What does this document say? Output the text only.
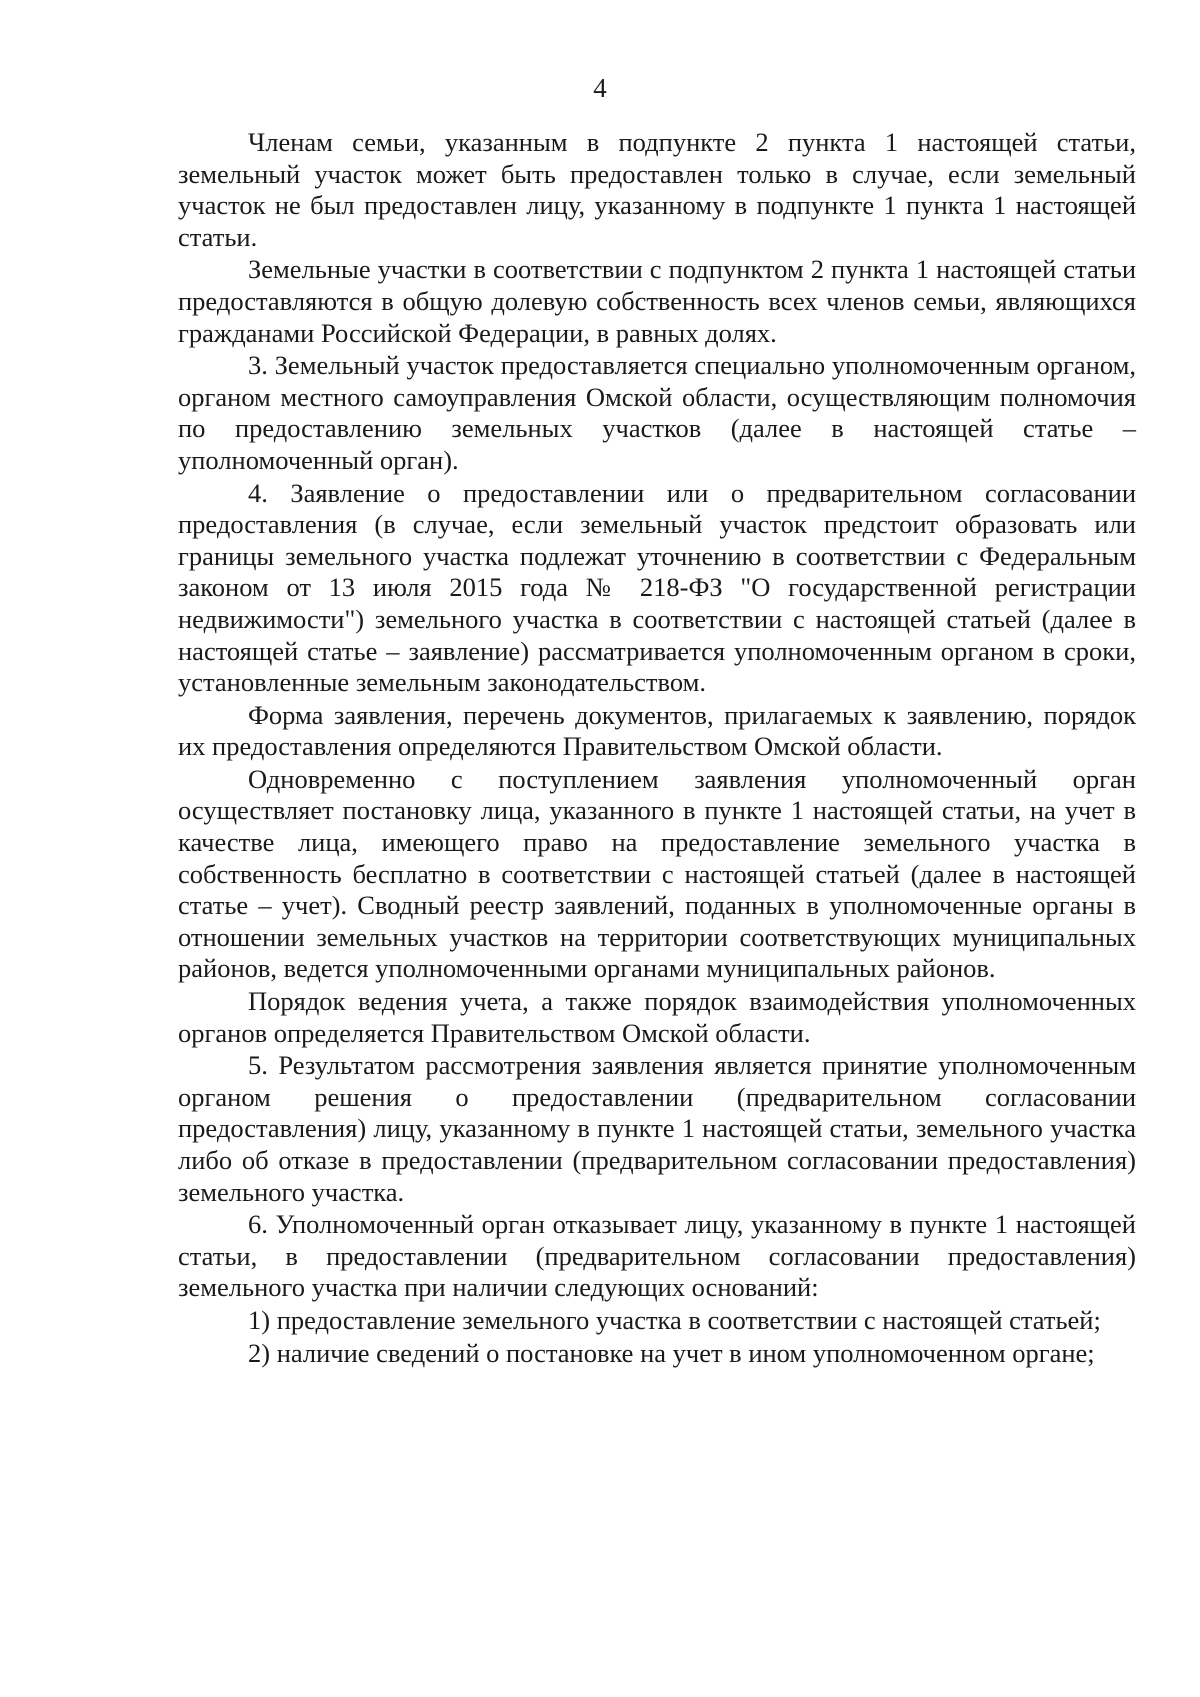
4

Членам семьи, указанным в подпункте 2 пункта 1 настоящей статьи, земельный участок может быть предоставлен только в случае, если земельный участок не был предоставлен лицу, указанному в подпункте 1 пункта 1 настоящей статьи.

Земельные участки в соответствии с подпунктом 2 пункта 1 настоящей статьи предоставляются в общую долевую собственность всех членов семьи, являющихся гражданами Российской Федерации, в равных долях.

3. Земельный участок предоставляется специально уполномоченным органом, органом местного самоуправления Омской области, осуществляющим полномочия по предоставлению земельных участков (далее в настоящей статье – уполномоченный орган).

4. Заявление о предоставлении или о предварительном согласовании предоставления (в случае, если земельный участок предстоит образовать или границы земельного участка подлежат уточнению в соответствии с Федеральным законом от 13 июля 2015 года № 218-ФЗ "О государственной регистрации недвижимости") земельного участка в соответствии с настоящей статьей (далее в настоящей статье – заявление) рассматривается уполномоченным органом в сроки, установленные земельным законодательством.

Форма заявления, перечень документов, прилагаемых к заявлению, порядок их предоставления определяются Правительством Омской области.

Одновременно с поступлением заявления уполномоченный орган осуществляет постановку лица, указанного в пункте 1 настоящей статьи, на учет в качестве лица, имеющего право на предоставление земельного участка в собственность бесплатно в соответствии с настоящей статьей (далее в настоящей статье – учет). Сводный реестр заявлений, поданных в уполномоченные органы в отношении земельных участков на территории соответствующих муниципальных районов, ведется уполномоченными органами муниципальных районов.

Порядок ведения учета, а также порядок взаимодействия уполномоченных органов определяется Правительством Омской области.

5. Результатом рассмотрения заявления является принятие уполномоченным органом решения о предоставлении (предварительном согласовании предоставления) лицу, указанному в пункте 1 настоящей статьи, земельного участка либо об отказе в предоставлении (предварительном согласовании предоставления) земельного участка.

6. Уполномоченный орган отказывает лицу, указанному в пункте 1 настоящей статьи, в предоставлении (предварительном согласовании предоставления) земельного участка при наличии следующих оснований:

1) предоставление земельного участка в соответствии с настоящей статьей;

2) наличие сведений о постановке на учет в ином уполномоченном органе;
